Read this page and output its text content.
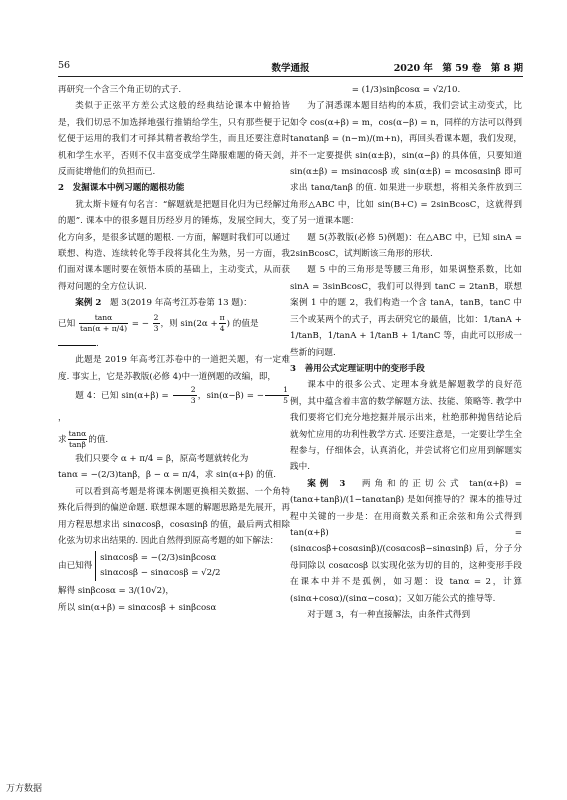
56	数学通报	2020 年　第 59 卷　第 8 期

再研究一个含三个角正切的式子.

类似于正弦平方差公式这般的经典结论课本中俯拾皆是，我们切忌不加选择地强行推销给学生，只有那些便于记忆便于运用的我们才可择其精者教给学生，而且还要注意时机和学生水平，否则不仅丰富变成学生降服难题的倚天剑，反而徒增他们的负担而已.

2　发掘课本中例习题的题根功能

犹太斯卡娅有句名言：“解题就是把题目化归为已经解过的题”. 课本中的很多题目历经岁月的锤炼，发展空间大，变化方向多，是很多试题的题根. 一方面，解题时我们可以通过联想、构造、连续转化等手段将其化生为熟，另一方面，我们面对课本题时要在领悟本质的基础上，主动变式，从而获得对问题的全方位认识.

案例 2　 题 3(2019 年高考江苏卷第 13 题)：

已知 $\frac{\tan\alpha}{\tan(\alpha + \pi/4)}$ = − $\frac{2}{3}$ ，则 $\sin(2\alpha + \frac{\pi}{4}$ ) 的值是

.

此题是 2019 年高考江苏卷中的一道把关题，有一定难度. 事实上，它是苏教版(必修 4)中一道例题的改编，即，

题 4：已知 $\sin(\alpha+\beta) = \frac{2}{3}$ ，sin(α−β) = − $\frac{1}{5}$
，

求 $\frac{\tan\alpha}{\tan\beta}$ 的值.

我们只要令 α + π/4 = β，原高考题就转化为

tanα = −(2/3)tanβ，β − α = π/4，求 sin(α+β) 的值.

可以看到高考题是将课本例题更换相关数据、一个角特殊化后得到的偏逆命题. 联想课本题的解题思路是先展开，再用方程思想求出 sinαcosβ，cosαsinβ 的值，最后两式相除化弦为切求出结果的. 因此自然得到原高考题的如下解法：

由已知得 sinαcosβ = −(2/3)sinβcosα
sinαcosβ − sinαcosβ = √2/2

解得 sinβcosα = 3/(10√2)，

所以 sin(α+β) = sinαcosβ + sinβcosα

= (1/3)sinβcosα = √2/10.

为了洞悉课本题目结构的本质，我们尝试主动变式，比如令 cos(α+β) = m，cos(α−β) = n，同样的方法可以得到 tanαtanβ = (n−m)/(m+n)，再回头看课本题，我们发现，并不一定要提供 sin(α±β)，sin(α−β) 的具体值，只要知道 sin(α±β) = msinαcosβ 或 sin(α±β) = mcosαsinβ 即可求出 tanα/tanβ 的值. 如果进一步联想，将相关条件放到三角形△ABC 中，比如 sin(B+C) = 2sinBcosC，这就得到了另一道课本题：

题 5(苏教版(必修 5)例题)：在△ABC 中，已知 sinA = 2sinBcosC，试判断该三角形的形状.

题 5 中的三角形是等腰三角形，如果调整系数，比如 sinA = 3sinBcosC，我们可以得到 tanC = 2tanB，联想案例 1 中的题 2，我们构造一个含 tanA，tanB，tanC 中三个或某两个的式子，再去研究它的最值，比如：1/tanA + 1/tanB，1/tanA + 1/tanB + 1/tanC 等，由此可以形成一些新的问题.

3　善用公式定理证明中的变形手段

课本中的很多公式、定理本身就是解题教学的良好范例，其中蕴含着丰富的数学解题方法、技能、策略等. 教学中我们要将它们充分地挖掘并展示出来，杜绝那种抛售结论后就匆忙应用的功利性教学方式. 还要注意是，一定要让学生全程参与，仔细体会，认真消化，并尝试将它们应用到解题实践中.

案例 3　 两角和的正切公式 tan(α+β) = (tanα+tanβ)/(1−tanαtanβ) 是如何推导的？课本的推导过程中关键的一步是：在用商数关系和正余弦和角公式得到 tan(α+β) = (sinαcosβ+cosαsinβ)/(cosαcosβ−sinαsinβ) 后，分子分母同除以 cosαcosβ 以实现化弦为切的目的，这种变形手段在课本中并不是孤例，如习题：设 tanα = 2，计算 (sinα+cosα)/(sinα−cosα)；又如万能公式的推导等.

对于题 3，有一种直接解法，由条件式得到

万方数据
